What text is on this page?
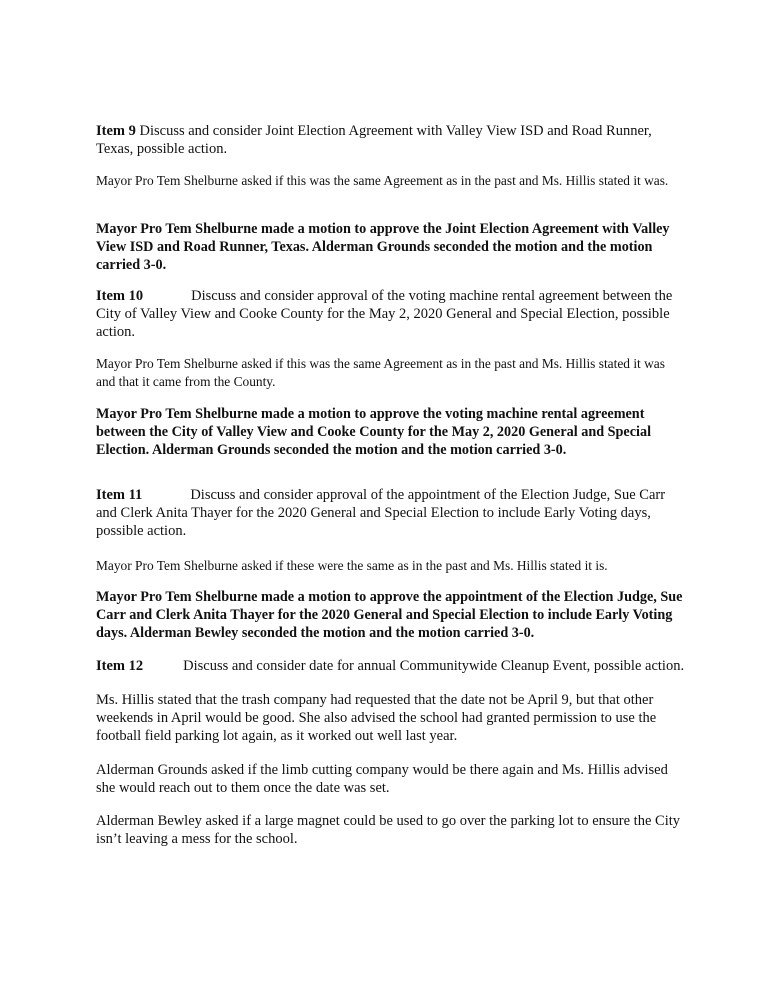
Item 9 Discuss and consider Joint Election Agreement with Valley View ISD and Road Runner, Texas, possible action.

Mayor Pro Tem Shelburne asked if this was the same Agreement as in the past and Ms. Hillis stated it was.

Mayor Pro Tem Shelburne made a motion to approve the Joint Election Agreement with Valley View ISD and Road Runner, Texas. Alderman Grounds seconded the motion and the motion carried 3-0.

Item 10	Discuss and consider approval of the voting machine rental agreement between the City of Valley View and Cooke County for the May 2, 2020 General and Special Election, possible action.

Mayor Pro Tem Shelburne asked if this was the same Agreement as in the past and Ms. Hillis stated it was and that it came from the County.

Mayor Pro Tem Shelburne made a motion to approve the voting machine rental agreement between the City of Valley View and Cooke County for the May 2, 2020 General and Special Election. Alderman Grounds seconded the motion and the motion carried 3-0.

Item 11	Discuss and consider approval of the appointment of the Election Judge, Sue Carr and Clerk Anita Thayer for the 2020 General and Special Election to include Early Voting days, possible action.

Mayor Pro Tem Shelburne asked if these were the same as in the past and Ms. Hillis stated it is.

Mayor Pro Tem Shelburne made a motion to approve the appointment of the Election Judge, Sue Carr and Clerk Anita Thayer for the 2020 General and Special Election to include Early Voting days. Alderman Bewley seconded the motion and the motion carried 3-0.

Item 12	Discuss and consider date for annual Communitywide Cleanup Event, possible action.

Ms. Hillis stated that the trash company had requested that the date not be April 9, but that other weekends in April would be good. She also advised the school had granted permission to use the football field parking lot again, as it worked out well last year.

Alderman Grounds asked if the limb cutting company would be there again and Ms. Hillis advised she would reach out to them once the date was set.

Alderman Bewley asked if a large magnet could be used to go over the parking lot to ensure the City isn’t leaving a mess for the school.
